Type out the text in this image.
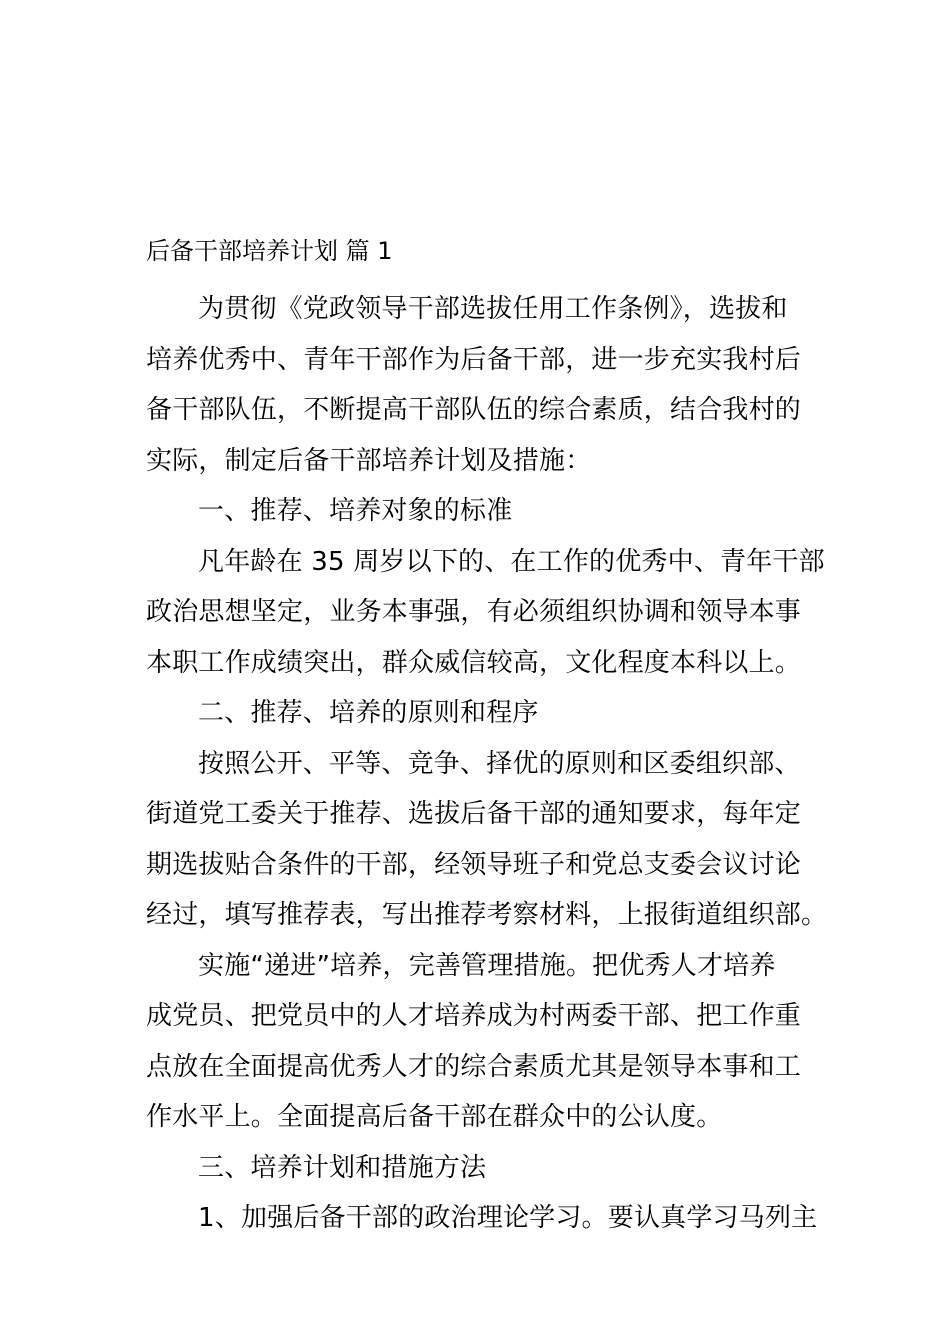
后备干部培养计划 篇 1
为贯彻《党政领导干部选拔任用工作条例》，选拔和
培养优秀中、青年干部作为后备干部，进一步充实我村后
备干部队伍，不断提高干部队伍的综合素质，结合我村的
实际，制定后备干部培养计划及措施：
一、推荐、培养对象的标准
凡年龄在 35 周岁以下的、在工作的优秀中、青年干部
政治思想坚定，业务本事强，有必须组织协调和领导本事
本职工作成绩突出，群众威信较高，文化程度本科以上。
二、推荐、培养的原则和程序
按照公开、平等、竞争、择优的原则和区委组织部、
街道党工委关于推荐、选拔后备干部的通知要求，每年定
期选拔贴合条件的干部，经领导班子和党总支委会议讨论
经过，填写推荐表，写出推荐考察材料，上报街道组织部。
实施“递进”培养，完善管理措施。把优秀人才培养
成党员、把党员中的人才培养成为村两委干部、把工作重
点放在全面提高优秀人才的综合素质尤其是领导本事和工
作水平上。全面提高后备干部在群众中的公认度。
三、培养计划和措施方法
1、加强后备干部的政治理论学习。要认真学习马列主
